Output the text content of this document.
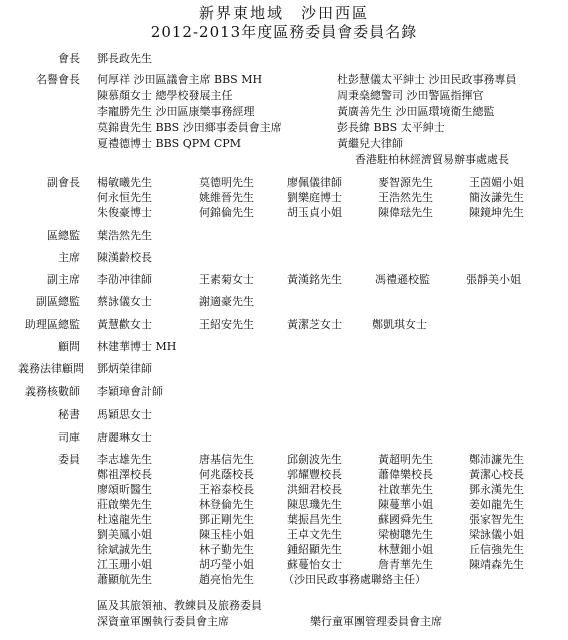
新界東地域　沙田西區
2012-2013年度區務委員會委員名錄
會長 鄧長政先生
名譽會長 何厚祥 沙田區議會主席 BBS MH	杜彭慧儀太平紳士 沙田民政事務專員
陳慕顏女士 總學校發展主任	周秉燊總警司 沙田警區指揮官
李寵勝先生 沙田區康樂事務經理	黃廣善先生 沙田區環境衛生總監
莫錦貴先生 BBS 沙田鄉事委員會主席	彭長緯 BBS 太平紳士
夏禮德博士 BBS QPM CPM	黃繼兒大律師
香港駐柏林經濟貿易辦事處處長
副會長 楊敏曦先生	莫德明先生	廖佩儀律師	麥智源先生	王茵媚小姐
何永恒先生	姚維晉先生	劉樂庭博士	王浩然先生	簡汝謙先生
朱俊豪博士	何錦倫先生	胡玉貞小姐	陳偉琺先生	陳鏡坤先生
區總監 葉浩然先生
主席 陳漢齡校長
副主席 李劭冲律師	王素菊女士	黃漢銘先生	馮禮遜校監	張靜美小姐
副區總監 蔡詠儀女士	謝適豪先生
助理區總監 黃慧歡女士	王紹安先生	黃潔芝女士	鄭凱琪女士
顧問 林建華博士 MH
義務法律顧問 鄧炳榮律師
義務核數師 李穎璋會計師
秘書 馬穎思女士
司庫 唐麗琳女士
委員 李志雄先生	唐基信先生	邱劍波先生	黃超明先生	鄭沛濂先生
鄭祖澤校長	何兆蔭校長	郭耀豐校長	蕭偉樂校長	黃潔心校長
廖頌昕醫生	王裕泰校長	洪細君校長	社啟華先生	鄧永漢先生
莊啟樂先生	林登倫先生	陳思璣先生	陳蔓華小姐	姜如龍先生
杜遠龍先生	鄧正剛先生	葉振昌先生	蘇國舜先生	張家智先生
劉美鳳小姐	陳玉桂小姐	王卓文先生	梁樹聰先生	梁詠儀小姐
徐斌誠先生	林子勤先生	鍾紹顯先生	林慧鈿小姐	丘信強先生
江玉珊小姐	胡巧瑩小姐	蘇蔓怡女士	詹青華先生	陳靖森先生
蕭顯航先生	趙亮怡先生	（沙田民政事務處聯絡主任）
區及其旅領袖、教練員及旅務委員
深資童軍團執行委員會主席	樂行童軍團管理委員會主席
